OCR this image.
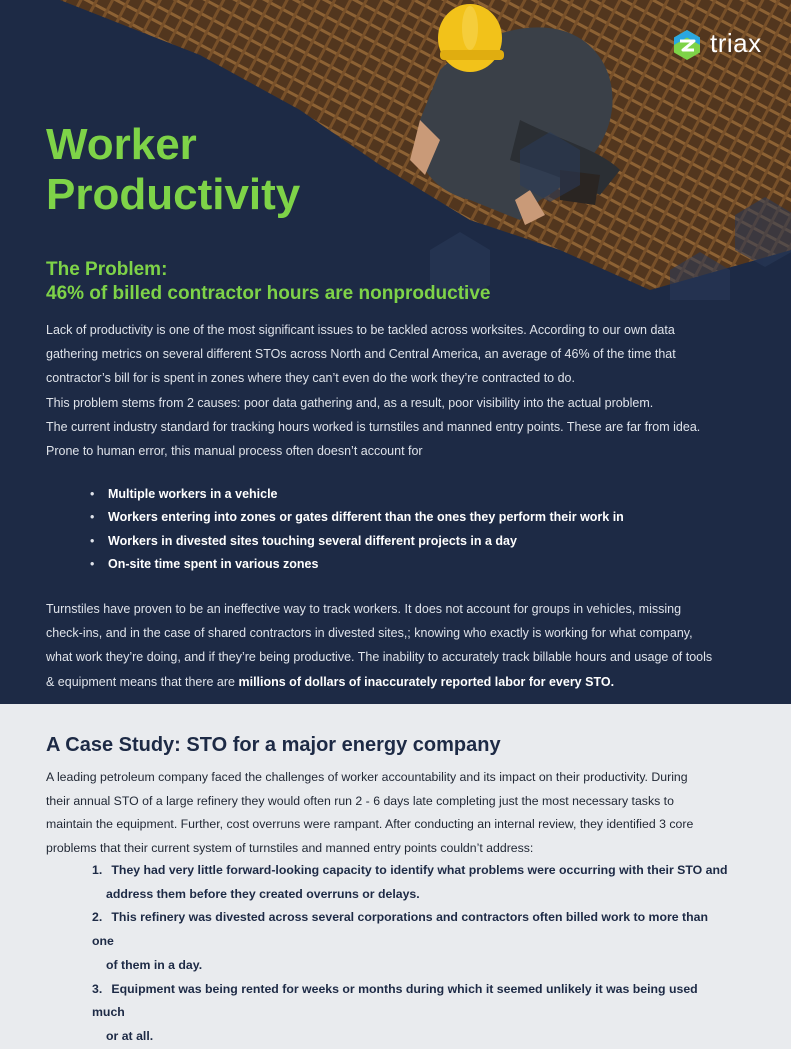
triax
Worker Productivity
The Problem:
46% of billed contractor hours are nonproductive

Lack of productivity is one of the most significant issues to be tackled across worksites. According to our own data

gathering metrics on several different STOs across North and Central America, an average of 46% of the time that

contractor’s bill for is spent in zones where they can’t even do the work they’re contracted to do.

This problem stems from 2 causes: poor data gathering and, as a result, poor visibility into the actual problem.

The current industry standard for tracking hours worked is turnstiles and manned entry points. These are far from idea.

Prone to human error, this manual process often doesn’t account for

• Multiple workers in a vehicle
• Workers entering into zones or gates different than the ones they perform their work in
• Workers in divested sites touching several different projects in a day
• On-site time spent in various zones
Turnstiles have proven to be an ineffective way to track workers. It does not account for groups in vehicles, missing
check-ins, and in the case of shared contractors in divested sites,; knowing who exactly is working for what company,
what work they’re doing, and if they’re being productive. The inability to accurately track billable hours and usage of tools
& equipment means that there are millions of dollars of inaccurately reported labor for every STO.
A Case Study: STO for a major energy company

A leading petroleum company faced the challenges of worker accountability and its impact on their productivity. During

their annual STO of a large refinery they would often run 2 - 6 days late completing just the most necessary tasks to

maintain the equipment. Further, cost overruns were rampant. After conducting an internal review, they identified 3 core

problems that their current system of turnstiles and manned entry points couldn’t address:

1. They had very little forward-looking capacity to identify what problems were occurring with their STO and
address them before they created overruns or delays.
2. This refinery was divested across several corporations and contractors often billed work to more than one
of them in a day.
3. Equipment was being rented for weeks or months during which it seemed unlikely it was being used much
or at all.
